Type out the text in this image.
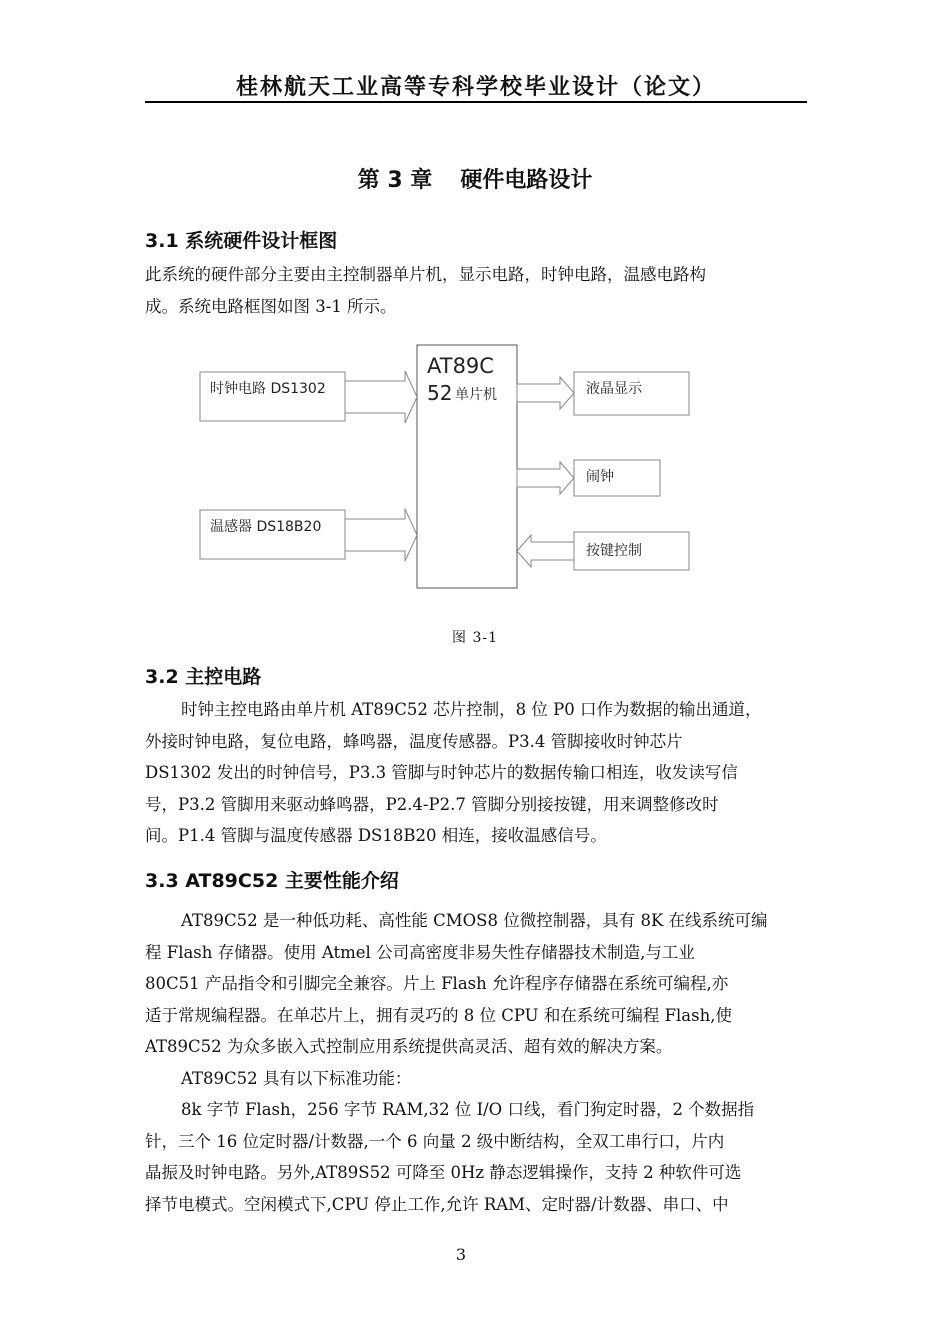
桂林航天工业高等专科学校毕业设计（论文）
第 3 章 硬件电路设计
3.1 系统硬件设计框图
此系统的硬件部分主要由主控制器单片机，显示电路，时钟电路，温感电路构
成。系统电路框图如图 3-1 所示。
AT89C
52 单片机
时钟电路 DS1302
温感器 DS18B20
液晶显示
闹钟
按键控制
图 3-1
3.2 主控电路
时钟主控电路由单片机 AT89C52 芯片控制，8 位 P0 口作为数据的输出通道，
外接时钟电路，复位电路，蜂鸣器，温度传感器。P3.4 管脚接收时钟芯片
DS1302 发出的时钟信号，P3.3 管脚与时钟芯片的数据传输口相连，收发读写信
号，P3.2 管脚用来驱动蜂鸣器，P2.4-P2.7 管脚分别接按键，用来调整修改时
间。P1.4 管脚与温度传感器 DS18B20 相连，接收温感信号。
3.3 AT89C52 主要性能介绍
AT89C52 是一种低功耗、高性能 CMOS8 位微控制器，具有 8K 在线系统可编
程 Flash 存储器。使用 Atmel 公司高密度非易失性存储器技术制造,与工业
80C51 产品指令和引脚完全兼容。片上 Flash 允许程序存储器在系统可编程,亦
适于常规编程器。在单芯片上，拥有灵巧的 8 位 CPU 和在系统可编程 Flash,使
AT89C52 为众多嵌入式控制应用系统提供高灵活、超有效的解决方案。
AT89C52 具有以下标准功能：
8k 字节 Flash，256 字节 RAM,32 位 I/O 口线，看门狗定时器，2 个数据指
针，三个 16 位定时器/计数器,一个 6 向量 2 级中断结构，全双工串行口，片内
晶振及时钟电路。另外,AT89S52 可降至 0Hz 静态逻辑操作，支持 2 种软件可选
择节电模式。空闲模式下,CPU 停止工作,允许 RAM、定时器/计数器、串口、中
3
